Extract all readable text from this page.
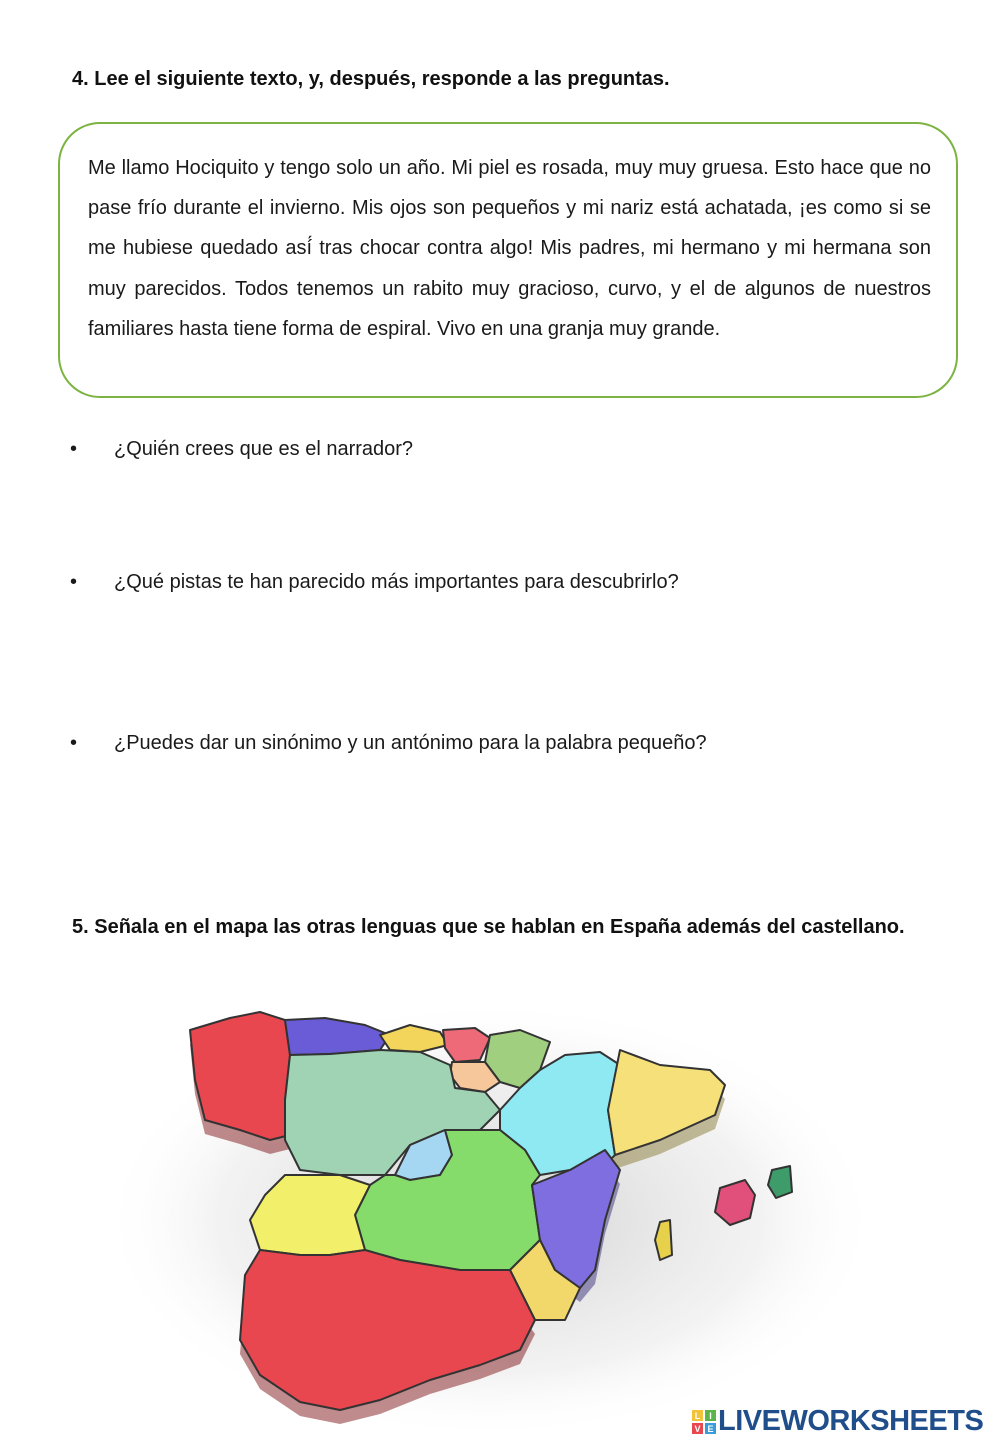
4. Lee el siguiente texto, y, después, responde a las preguntas.

Me llamo Hociquito y tengo solo un año. Mi piel es rosada, muy muy gruesa. Esto hace que no pase frío durante el invierno. Mis ojos son pequeños y mi nariz está achatada, ¡es como si se me hubiese quedado así́ tras chocar contra algo! Mis padres, mi hermano y mi hermana son muy parecidos. Todos tenemos un rabito muy gracioso, curvo, y el de algunos de nuestros familiares hasta tiene forma de espiral. Vivo en una granja muy grande.

• ¿Quién crees que es el narrador?
• ¿Qué pistas te han parecido más importantes para descubrirlo?
• ¿Puedes dar un sinónimo y un antónimo para la palabra pequeño?
5. Señala en el mapa las otras lenguas que se hablan en España además del castellano.
L I
V E LIVEWORKSHEETS
